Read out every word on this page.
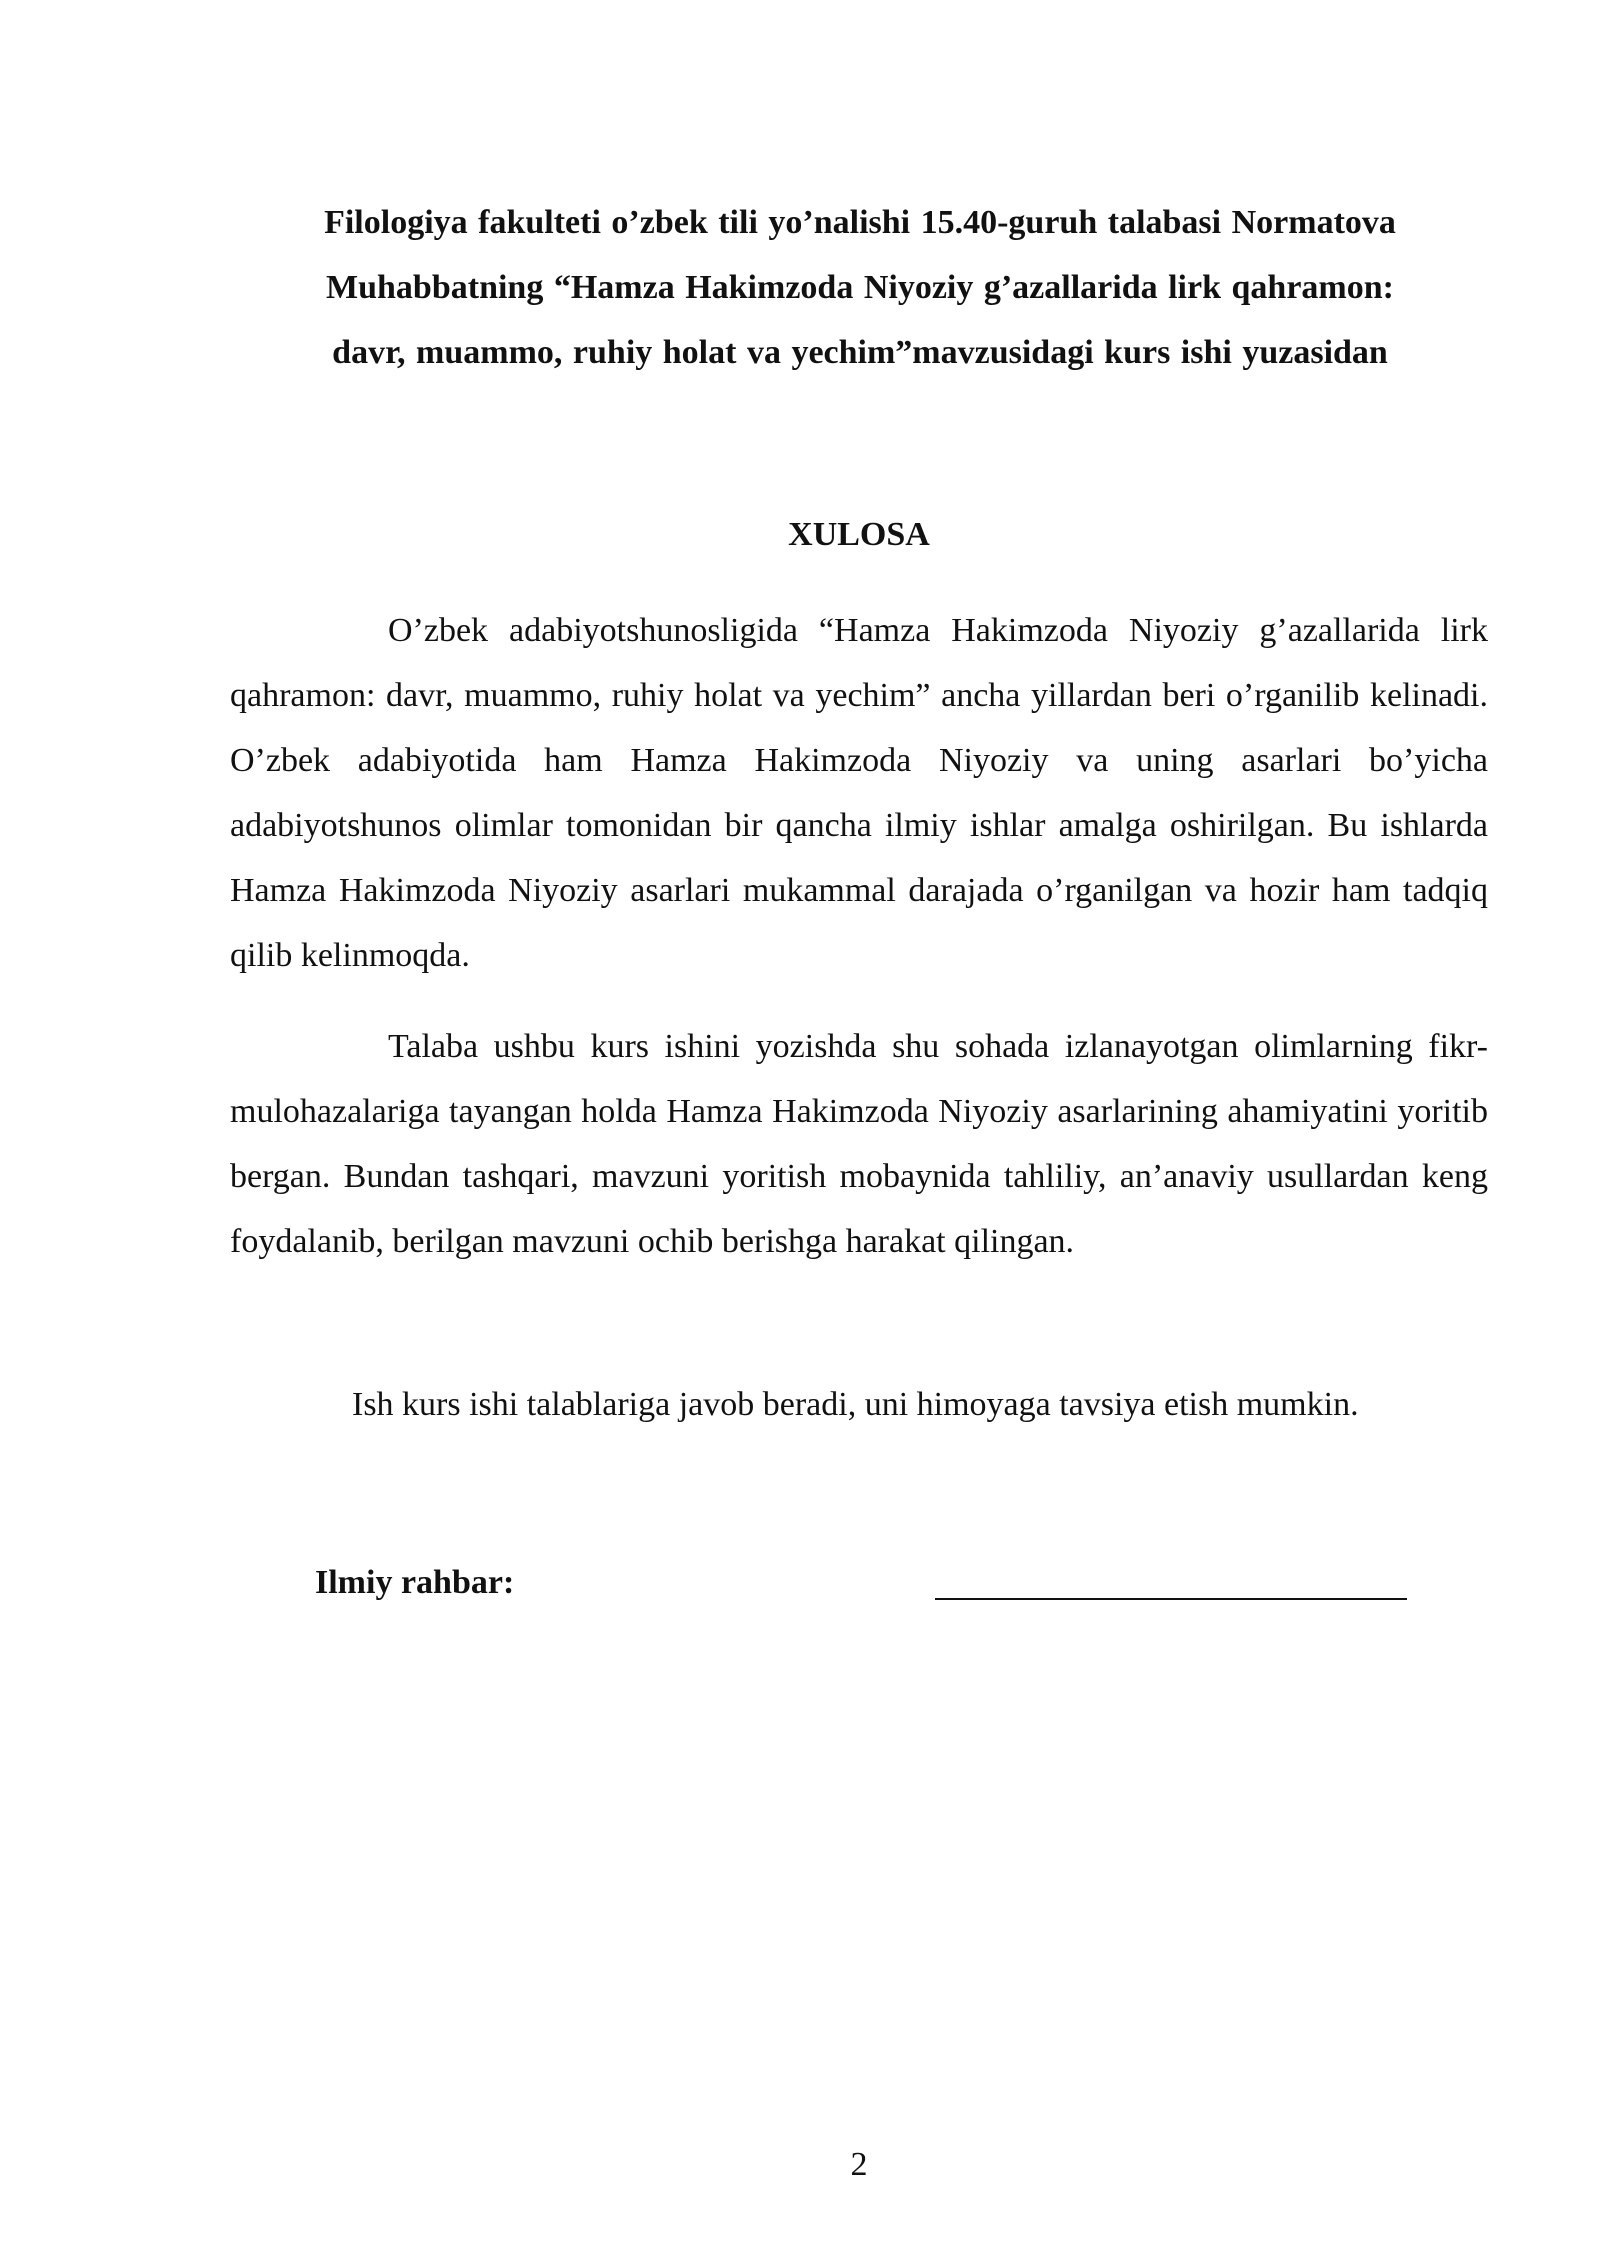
Filologiya fakulteti o’zbek tili yo’nalishi 15.40-guruh talabasi Normatova
Muhabbatning “Hamza Hakimzoda Niyoziy g’azallarida lirk qahramon:
davr, muammo, ruhiy holat va yechim”mavzusidagi kurs ishi yuzasidan
XULOSA
O’zbek adabiyotshunosligida “Hamza Hakimzoda Niyoziy g’azallarida lirk qahramon: davr, muammo, ruhiy holat va yechim” ancha yillardan beri o’rganilib kelinadi. O’zbek adabiyotida ham Hamza Hakimzoda Niyoziy va uning asarlari bo’yicha adabiyotshunos olimlar tomonidan bir qancha ilmiy ishlar amalga oshirilgan. Bu ishlarda Hamza Hakimzoda Niyoziy asarlari mukammal darajada o’rganilgan va hozir ham tadqiq qilib kelinmoqda.
Talaba ushbu kurs ishini yozishda shu sohada izlanayotgan olimlarning fikr-mulohazalariga tayangan holda Hamza Hakimzoda Niyoziy asarlarining ahamiyatini yoritib bergan. Bundan tashqari, mavzuni yoritish mobaynida tahliliy, an’anaviy usullardan keng foydalanib, berilgan mavzuni ochib berishga harakat qilingan.
Ish kurs ishi talablariga javob beradi, uni himoyaga tavsiya etish mumkin.
Ilmiy rahbar:
2
